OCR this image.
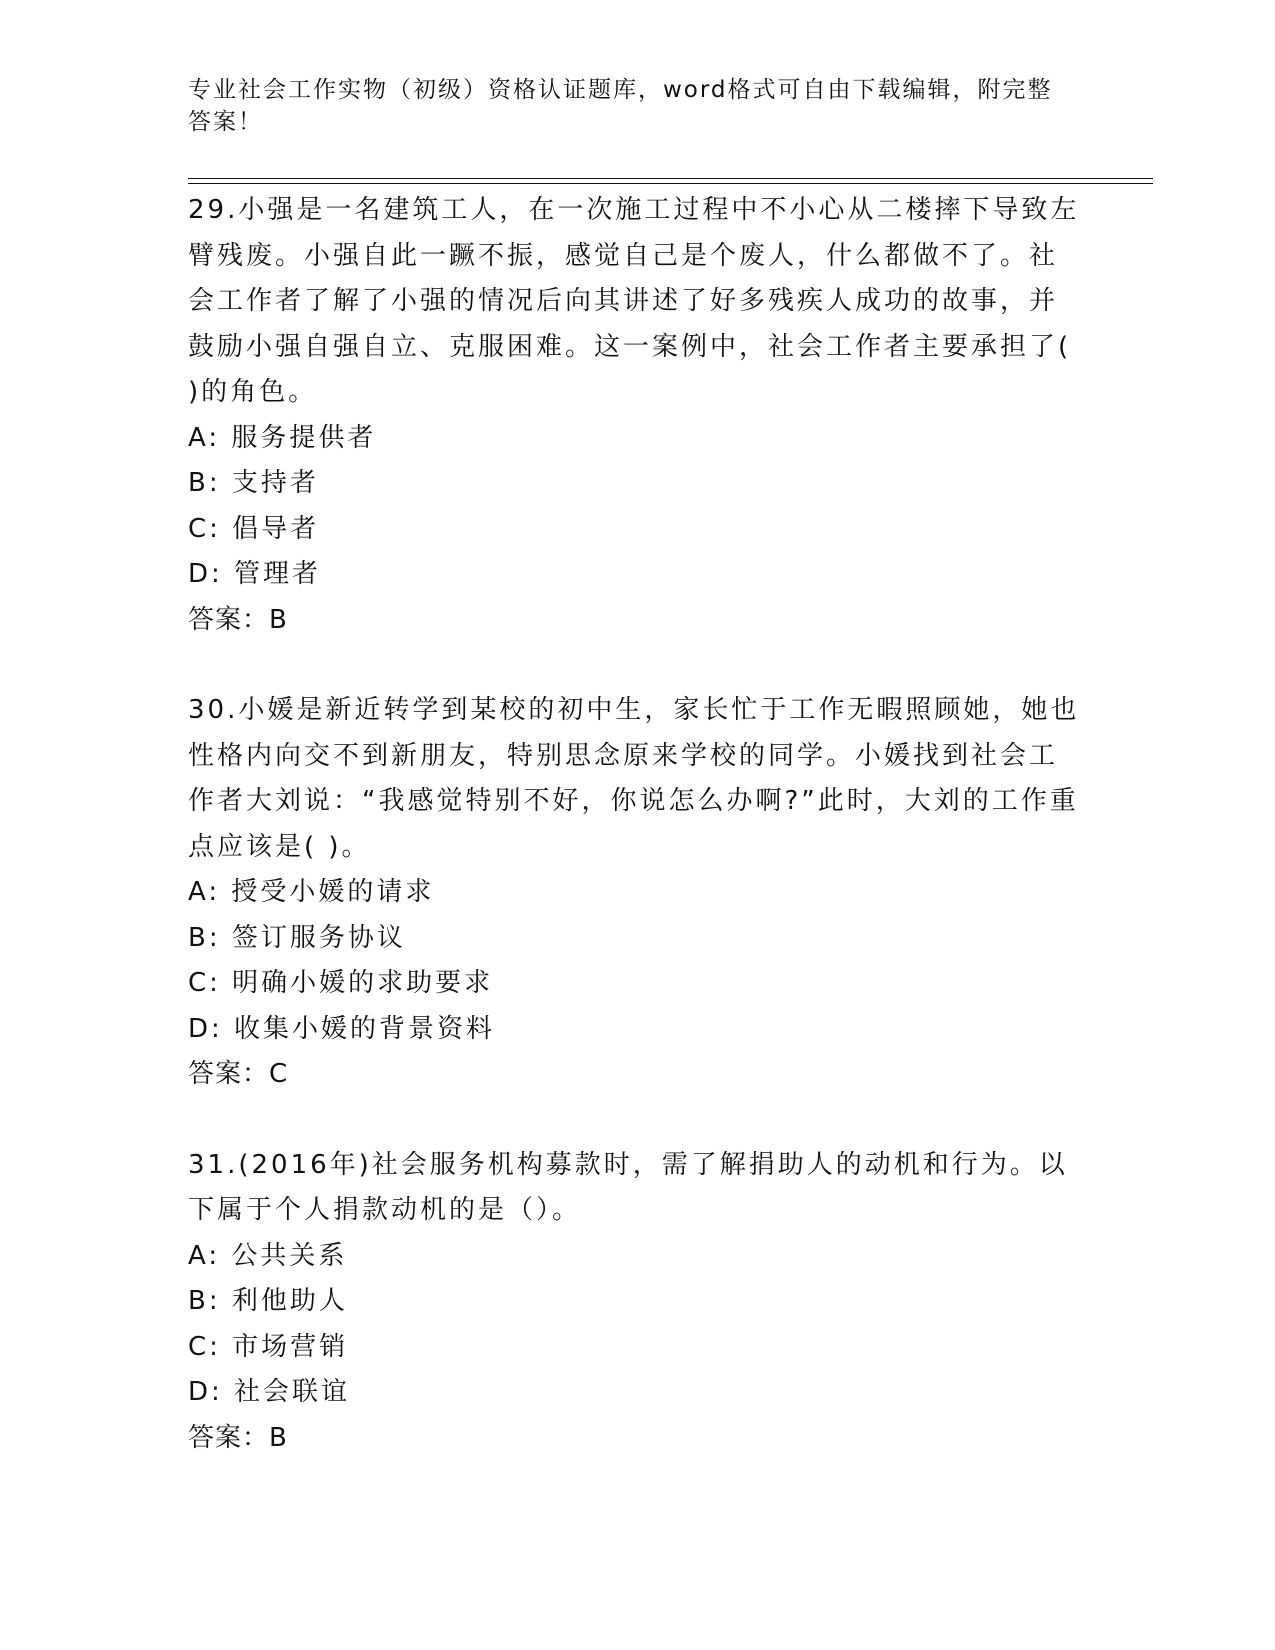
专业社会工作实物（初级）资格认证题库，word格式可自由下载编辑，附完整答案！
29.小强是一名建筑工人，在一次施工过程中不小心从二楼摔下导致左臂残废。小强自此一蹶不振，感觉自己是个废人，什么都做不了。社会工作者了解了小强的情况后向其讲述了好多残疾人成功的故事，并鼓励小强自强自立、克服困难。这一案例中，社会工作者主要承担了( )的角色。
A: 服务提供者
B: 支持者
C: 倡导者
D: 管理者
答案：B
30.小媛是新近转学到某校的初中生，家长忙于工作无暇照顾她，她也性格内向交不到新朋友，特别思念原来学校的同学。小媛找到社会工作者大刘说：“我感觉特别不好，你说怎么办啊?”此时，大刘的工作重点应该是( )。
A: 授受小媛的请求
B: 签订服务协议
C: 明确小媛的求助要求
D: 收集小媛的背景资料
答案：C
31.(2016年)社会服务机构募款时，需了解捐助人的动机和行为。以下属于个人捐款动机的是（）。
A: 公共关系
B: 利他助人
C: 市场营销
D: 社会联谊
答案：B
